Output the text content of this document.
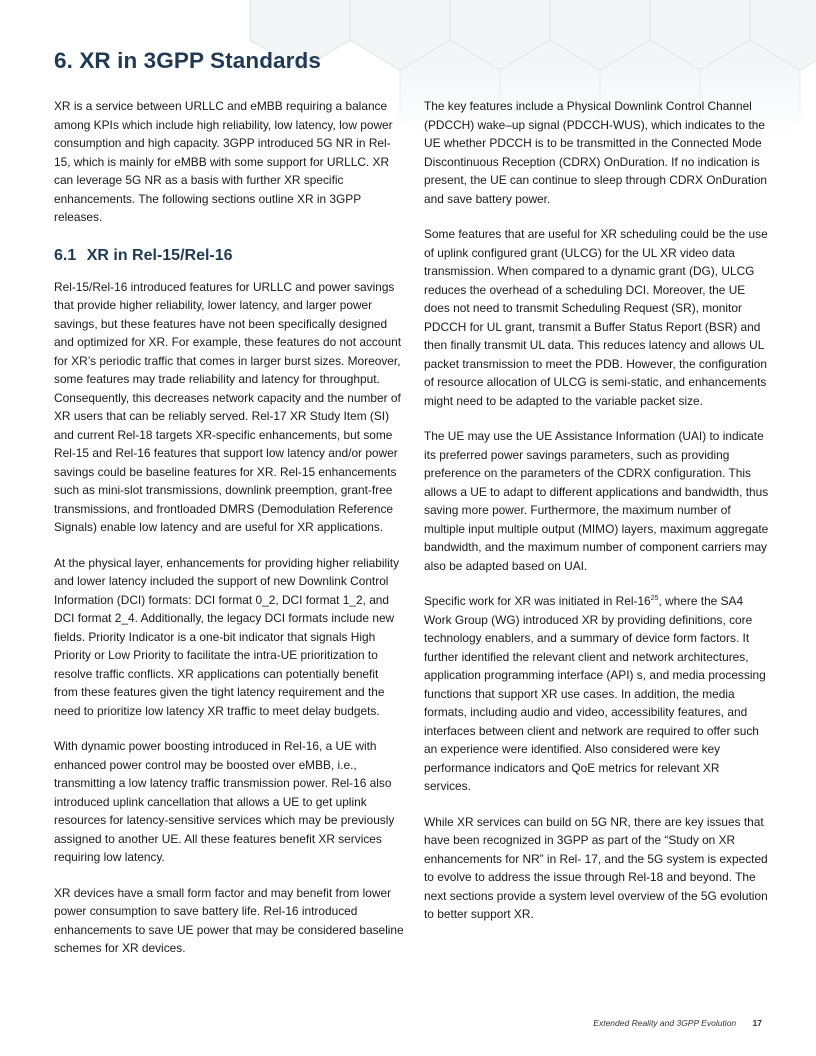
6. XR in 3GPP Standards

XR is a service between URLLC and eMBB requiring a balance among KPIs which include high reliability, low latency, low power consumption and high capacity. 3GPP introduced 5G NR in Rel-15, which is mainly for eMBB with some support for URLLC. XR can leverage 5G NR as a basis with further XR specific enhancements. The following sections outline XR in 3GPP releases.

6.1 XR in Rel-15/Rel-16

Rel-15/Rel-16 introduced features for URLLC and power savings that provide higher reliability, lower latency, and larger power savings, but these features have not been specifically designed and optimized for XR. For example, these features do not account for XR’s periodic traffic that comes in larger burst sizes. Moreover, some features may trade reliability and latency for throughput. Consequently, this decreases network capacity and the number of XR users that can be reliably served. Rel-17 XR Study Item (SI) and current Rel-18 targets XR-specific enhancements, but some Rel-15 and Rel-16 features that support low latency and/or power savings could be baseline features for XR. Rel-15 enhancements such as mini-slot transmissions, downlink preemption, grant-free transmissions, and frontloaded DMRS (Demodulation Reference Signals) enable low latency and are useful for XR applications.

At the physical layer, enhancements for providing higher reliability and lower latency included the support of new Downlink Control Information (DCI) formats: DCI format 0_2, DCI format 1_2, and DCI format 2_4. Additionally, the legacy DCI formats include new fields. Priority Indicator is a one-bit indicator that signals High Priority or Low Priority to facilitate the intra-UE prioritization to resolve traffic conflicts. XR applications can potentially benefit from these features given the tight latency requirement and the need to prioritize low latency XR traffic to meet delay budgets.

With dynamic power boosting introduced in Rel-16, a UE with enhanced power control may be boosted over eMBB, i.e., transmitting a low latency traffic transmission power. Rel-16 also introduced uplink cancellation that allows a UE to get uplink resources for latency-sensitive services which may be previously assigned to another UE. All these features benefit XR services requiring low latency.

XR devices have a small form factor and may benefit from lower power consumption to save battery life. Rel-16 introduced enhancements to save UE power that may be considered baseline schemes for XR devices.

The key features include a Physical Downlink Control Channel (PDCCH) wake–up signal (PDCCH-WUS), which indicates to the UE whether PDCCH is to be transmitted in the Connected Mode Discontinuous Reception (CDRX) OnDuration. If no indication is present, the UE can continue to sleep through CDRX OnDuration and save battery power.

Some features that are useful for XR scheduling could be the use of uplink configured grant (ULCG) for the UL XR video data transmission. When compared to a dynamic grant (DG), ULCG reduces the overhead of a scheduling DCI. Moreover, the UE does not need to transmit Scheduling Request (SR), monitor PDCCH for UL grant, transmit a Buffer Status Report (BSR) and then finally transmit UL data. This reduces latency and allows UL packet transmission to meet the PDB. However, the configuration of resource allocation of ULCG is semi-static, and enhancements might need to be adapted to the variable packet size.

The UE may use the UE Assistance Information (UAI) to indicate its preferred power savings parameters, such as providing preference on the parameters of the CDRX configuration. This allows a UE to adapt to different applications and bandwidth, thus saving more power. Furthermore, the maximum number of multiple input multiple output (MIMO) layers, maximum aggregate bandwidth, and the maximum number of component carriers may also be adapted based on UAI.

Specific work for XR was initiated in Rel-$16^{25}$, where the SA4 Work Group (WG) introduced XR by providing definitions, core technology enablers, and a summary of device form factors. It further identified the relevant client and network architectures, application programming interface (API) s, and media processing functions that support XR use cases. In addition, the media formats, including audio and video, accessibility features, and interfaces between client and network are required to offer such an experience were identified. Also considered were key performance indicators and QoE metrics for relevant XR services.

While XR services can build on 5G NR, there are key issues that have been recognized in 3GPP as part of the “Study on XR enhancements for NR” in Rel- 17, and the 5G system is expected to evolve to address the issue through Rel-18 and beyond. The next sections provide a system level overview of the 5G evolution to better support XR.

Extended Reality and 3GPP Evolution 17
